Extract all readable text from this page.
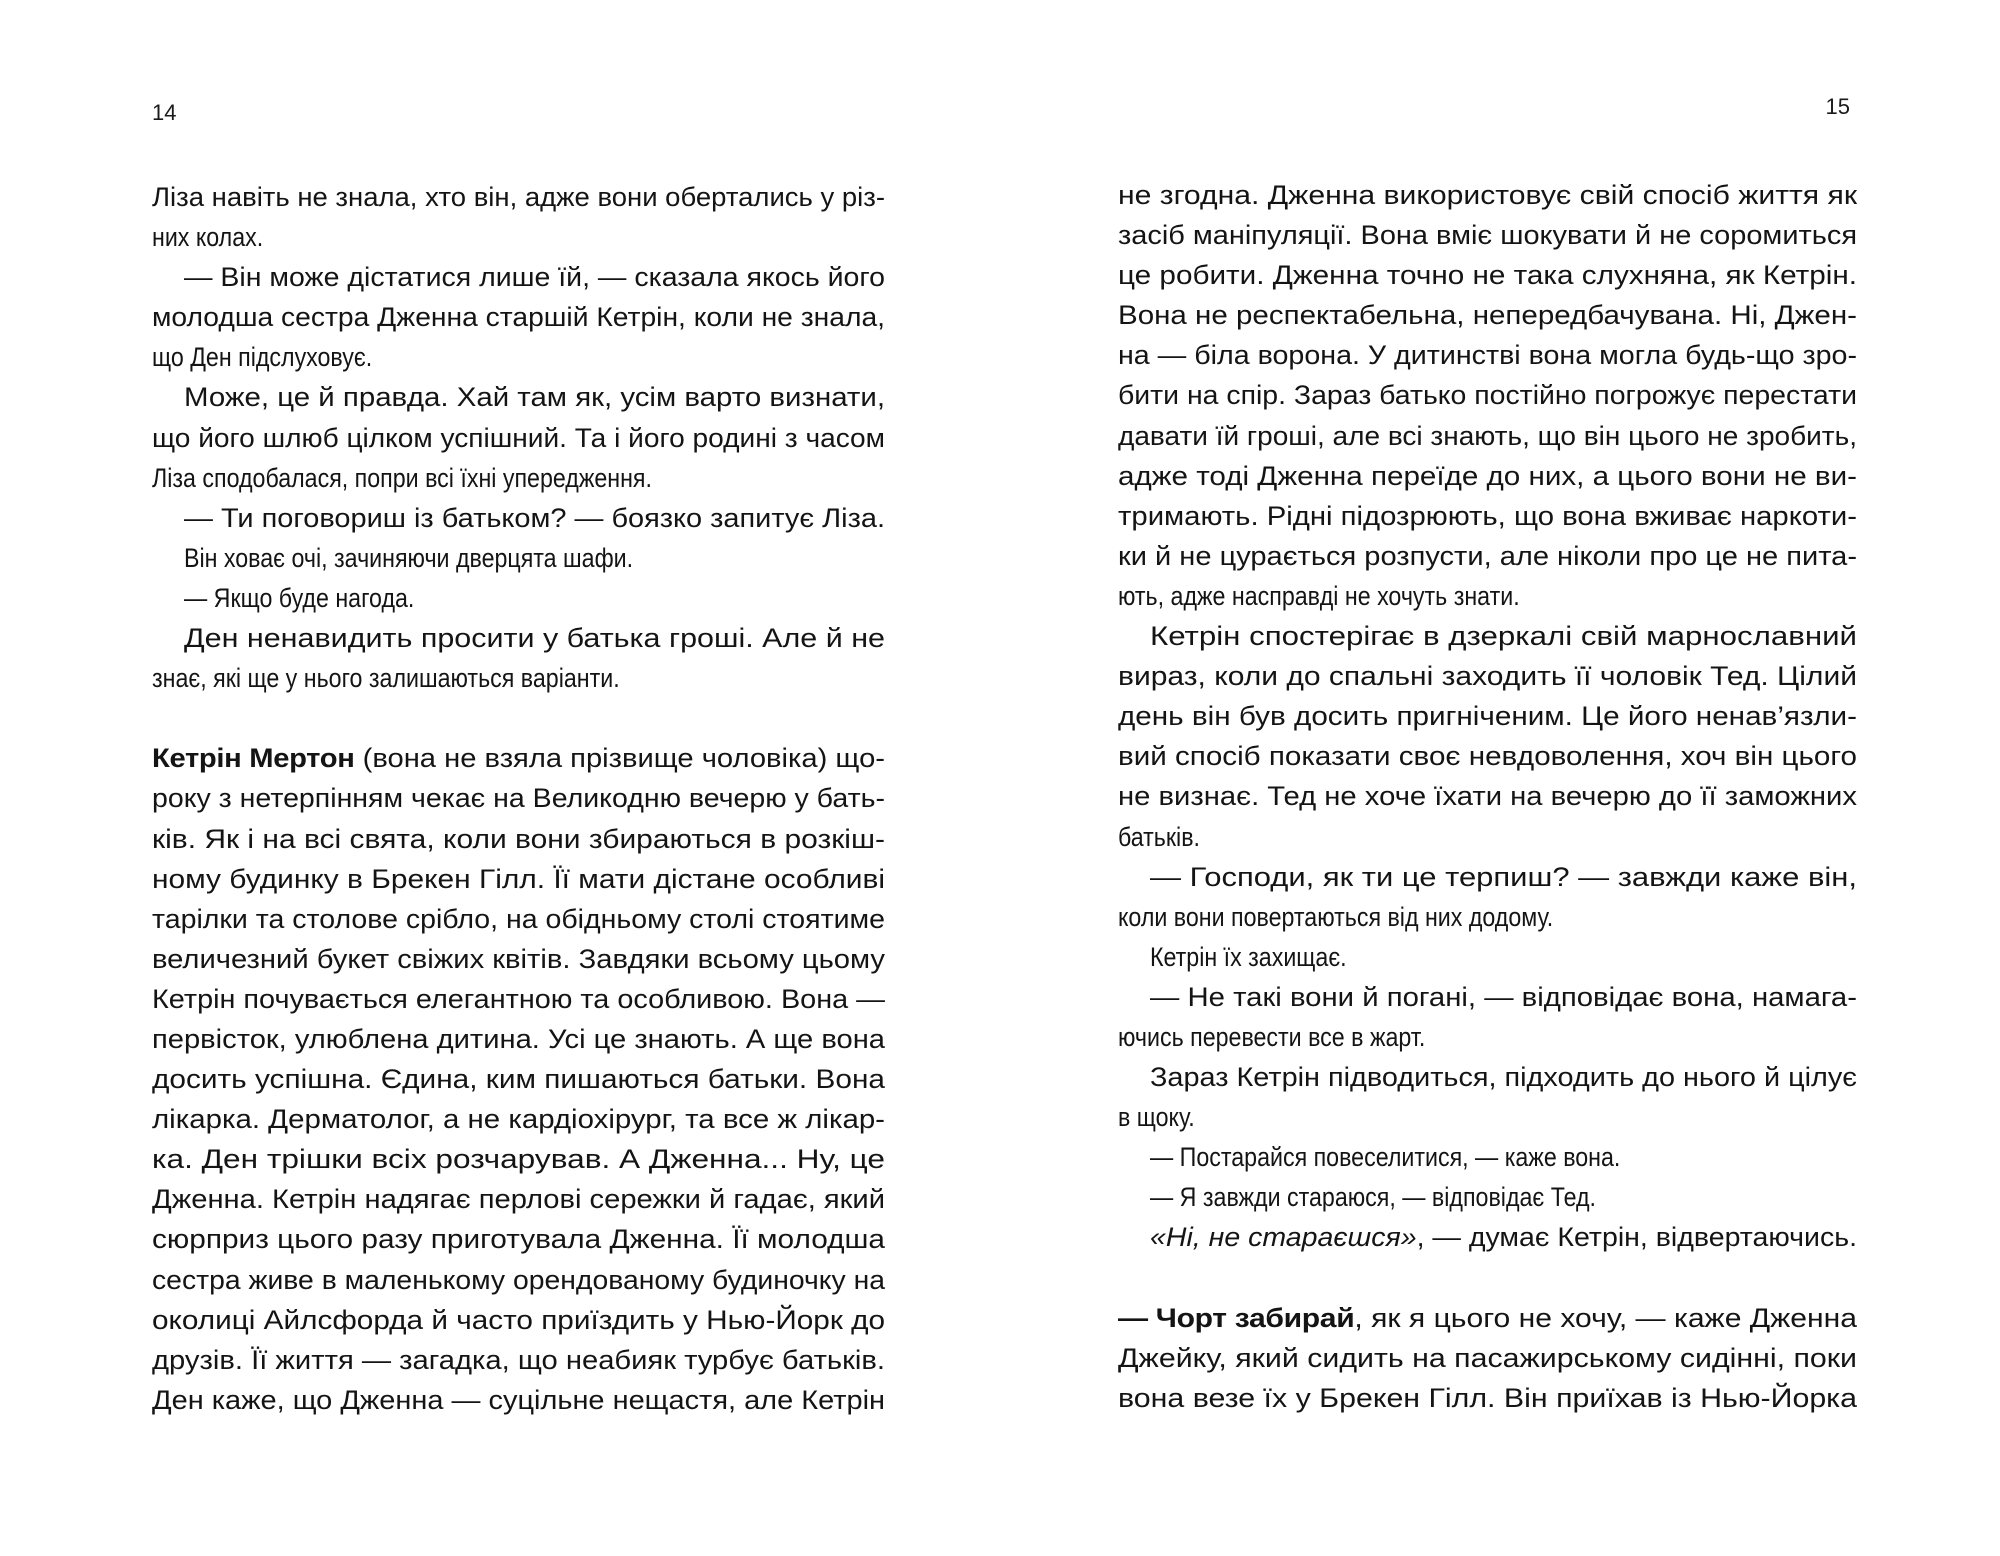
14
Ліза навіть не знала, хто він, адже вони обертались у різ-
них колах.
— Він може дістатися лише їй, — сказала якось його
молодша сестра Дженна старшій Кетрін, коли не знала,
що Ден підслуховує.
Може, це й правда. Хай там як, усім варто визнати,
що його шлюб цілком успішний. Та і його родині з часом
Ліза сподобалася, попри всі їхні упередження.
— Ти поговориш із батьком? — боязко запитує Ліза.
Він ховає очі, зачиняючи дверцята шафи.
— Якщо буде нагода.
Ден ненавидить просити у батька гроші. Але й не
знає, які ще у нього залишаються варіанти.
Кетрін Мертон (вона не взяла прізвище чоловіка) що-
року з нетерпінням чекає на Великодню вечерю у бать-
ків. Як і на всі свята, коли вони збираються в розкіш-
ному будинку в Брекен Гілл. Її мати дістане особливі
тарілки та столове срібло, на обідньому столі стоятиме
величезний букет свіжих квітів. Завдяки всьому цьому
Кетрін почувається елегантною та особливою. Вона —
первісток, улюблена дитина. Усі це знають. А ще вона
досить успішна. Єдина, ким пишаються батьки. Вона
лікарка. Дерматолог, а не кардіохірург, та все ж лікар-
ка. Ден трішки всіх розчарував. А Дженна... Ну, це
Дженна. Кетрін надягає перлові сережки й гадає, який
сюрприз цього разу приготувала Дженна. Її молодша
сестра живе в маленькому орендованому будиночку на
околиці Айлсфорда й часто приїздить у Нью-Йорк до
друзів. Її життя — загадка, що неабияк турбує батьків.
Ден каже, що Дженна — суцільне нещастя, але Кетрін
15
не згодна. Дженна використовує свій спосіб життя як
засіб маніпуляції. Вона вміє шокувати й не соромиться
це робити. Дженна точно не така слухняна, як Кетрін.
Вона не респектабельна, непередбачувана. Ні, Джен-
на — біла ворона. У дитинстві вона могла будь-що зро-
бити на спір. Зараз батько постійно погрожує перестати
давати їй гроші, але всі знають, що він цього не зробить,
адже тоді Дженна переїде до них, а цього вони не ви-
тримають. Рідні підозрюють, що вона вживає наркоти-
ки й не цурається розпусти, але ніколи про це не пита-
ють, адже насправді не хочуть знати.
Кетрін спостерігає в дзеркалі свій марнославний
вираз, коли до спальні заходить її чоловік Тед. Цілий
день він був досить пригніченим. Це його ненав’язли-
вий спосіб показати своє невдоволення, хоч він цього
не визнає. Тед не хоче їхати на вечерю до її заможних
батьків.
— Господи, як ти це терпиш? — завжди каже він,
коли вони повертаються від них додому.
Кетрін їх захищає.
— Не такі вони й погані, — відповідає вона, намага-
ючись перевести все в жарт.
Зараз Кетрін підводиться, підходить до нього й цілує
в щоку.
— Постарайся повеселитися, — каже вона.
— Я завжди стараюся, — відповідає Тед.
«Ні, не стараєшся», — думає Кетрін, відвертаючись.
— Чорт забирай, як я цього не хочу, — каже Дженна
Джейку, який сидить на пасажирському сидінні, поки
вона везе їх у Брекен Гілл. Він приїхав із Нью-Йорка
